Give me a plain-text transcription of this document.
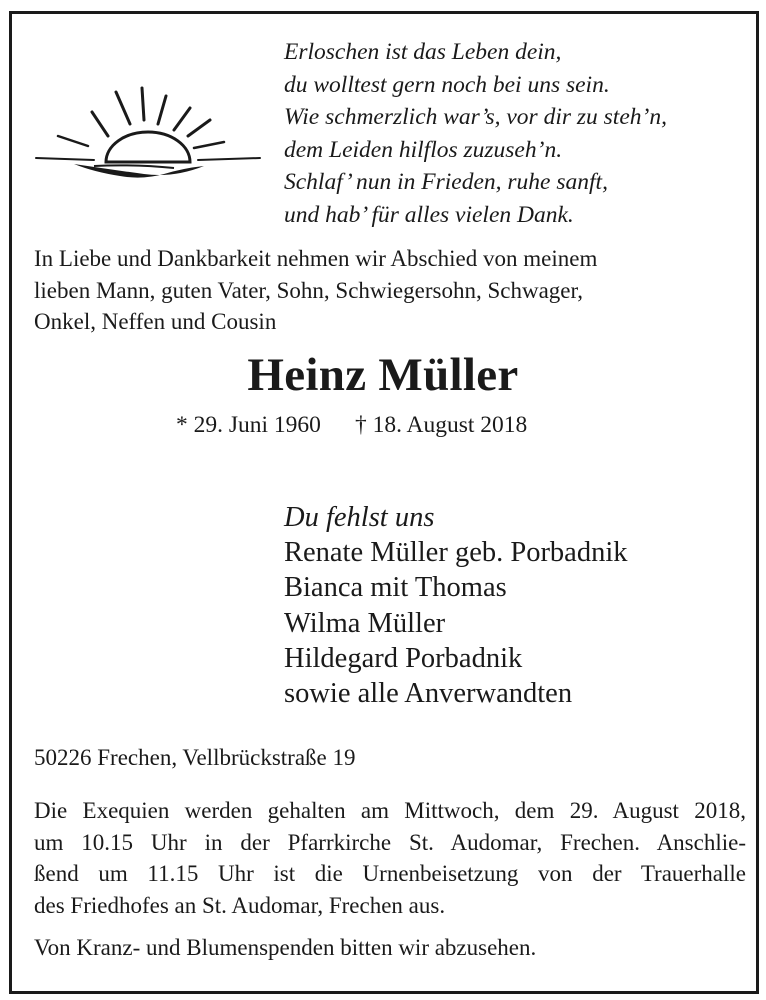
Erloschen ist das Leben dein,
du wolltest gern noch bei uns sein.
Wie schmerzlich war’s, vor dir zu steh’n,
dem Leiden hilflos zuzuseh’n.
Schlaf’ nun in Frieden, ruhe sanft,
und hab’ für alles vielen Dank.
In Liebe und Dankbarkeit nehmen wir Abschied von meinem
lieben Mann, guten Vater, Sohn, Schwiegersohn, Schwager,
Onkel, Neffen und Cousin
Heinz Müller
* 29. Juni 1960 † 18. August 2018
Du fehlst uns
Renate Müller geb. Porbadnik
Bianca mit Thomas
Wilma Müller
Hildegard Porbadnik
sowie alle Anverwandten
50226 Frechen, Vellbrückstraße 19
Die Exequien werden gehalten am Mittwoch, dem 29. August 2018,
um 10.15 Uhr in der Pfarrkirche St. Audomar, Frechen. Anschlie-
ßend um 11.15 Uhr ist die Urnenbeisetzung von der Trauerhalle
des Friedhofes an St. Audomar, Frechen aus.
Von Kranz- und Blumenspenden bitten wir abzusehen.
